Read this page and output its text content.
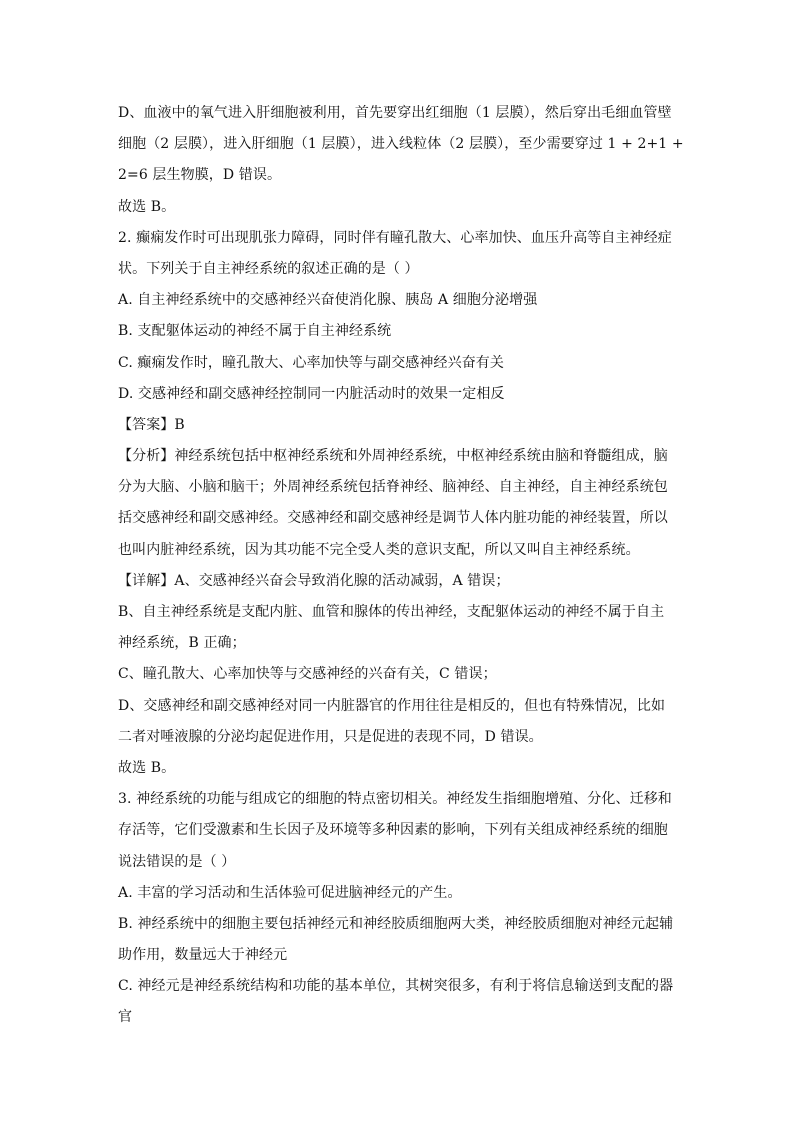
D、血液中的氧气进入肝细胞被利用，首先要穿出红细胞（1 层膜），然后穿出毛细血管壁
细胞（2 层膜），进入肝细胞（1 层膜），进入线粒体（2 层膜），至少需要穿过 1 + 2+1 +
2=6 层生物膜，D 错误。
故选 B。
2. 癫痫发作时可出现肌张力障碍，同时伴有瞳孔散大、心率加快、血压升高等自主神经症
状。下列关于自主神经系统的叙述正确的是（ ）
A. 自主神经系统中的交感神经兴奋使消化腺、胰岛 A 细胞分泌增强
B. 支配躯体运动的神经不属于自主神经系统
C. 癫痫发作时，瞳孔散大、心率加快等与副交感神经兴奋有关
D. 交感神经和副交感神经控制同一内脏活动时的效果一定相反
【答案】B
【分析】神经系统包括中枢神经系统和外周神经系统，中枢神经系统由脑和脊髓组成，脑
分为大脑、小脑和脑干；外周神经系统包括脊神经、脑神经、自主神经，自主神经系统包
括交感神经和副交感神经。交感神经和副交感神经是调节人体内脏功能的神经装置，所以
也叫内脏神经系统，因为其功能不完全受人类的意识支配，所以又叫自主神经系统。
【详解】A、交感神经兴奋会导致消化腺的活动减弱，A 错误；
B、自主神经系统是支配内脏、血管和腺体的传出神经，支配躯体运动的神经不属于自主
神经系统，B 正确；
C、瞳孔散大、心率加快等与交感神经的兴奋有关，C 错误；
D、交感神经和副交感神经对同一内脏器官的作用往往是相反的，但也有特殊情况，比如
二者对唾液腺的分泌均起促进作用，只是促进的表现不同，D 错误。
故选 B。
3. 神经系统的功能与组成它的细胞的特点密切相关。神经发生指细胞增殖、分化、迁移和
存活等，它们受激素和生长因子及环境等多种因素的影响，下列有关组成神经系统的细胞
说法错误的是（ ）
A. 丰富的学习活动和生活体验可促进脑神经元的产生。
B. 神经系统中的细胞主要包括神经元和神经胶质细胞两大类，神经胶质细胞对神经元起辅
助作用，数量远大于神经元
C. 神经元是神经系统结构和功能的基本单位，其树突很多，有利于将信息输送到支配的器
官
